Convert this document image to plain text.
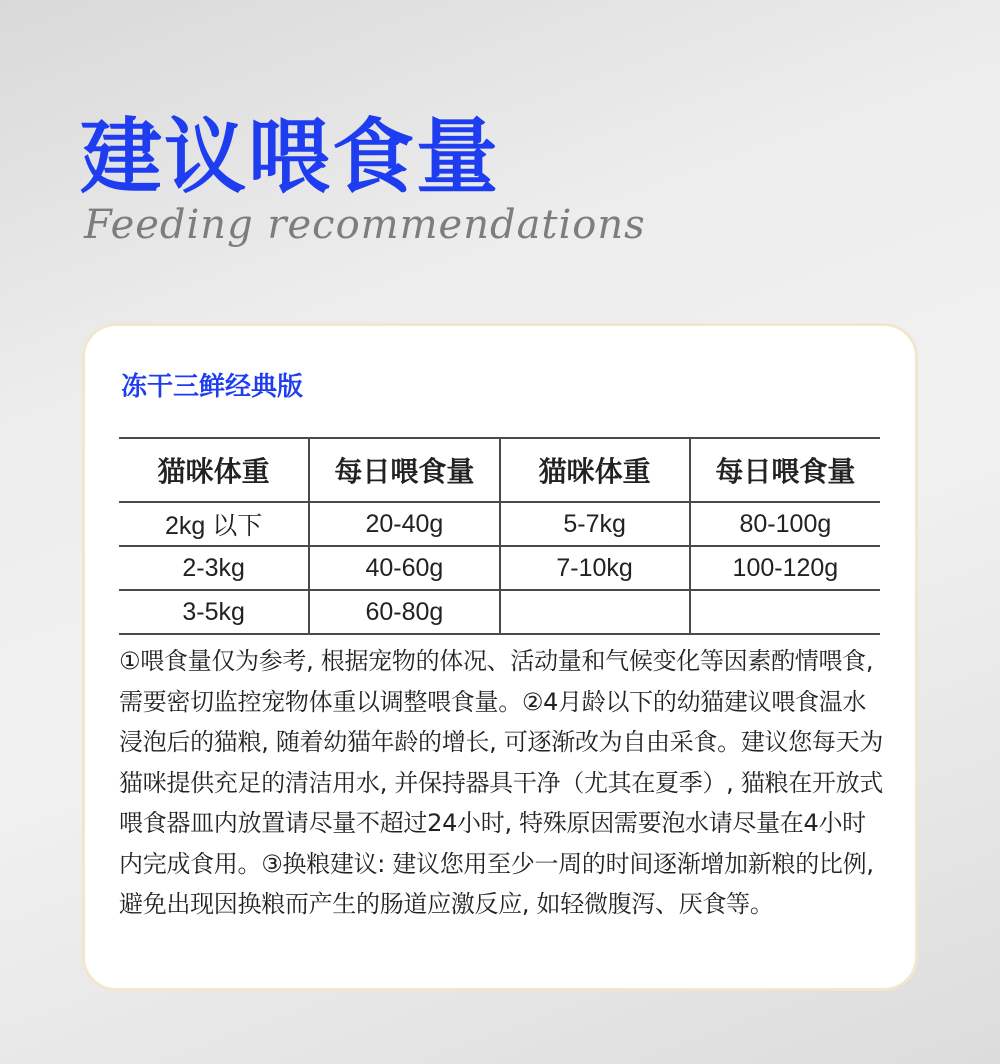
建议喂食量
Feeding recommendations
冻干三鲜经典版
猫咪体重	每日喂食量	猫咪体重	每日喂食量
2kg 以下	20-40g	5-7kg	80-100g
2-3kg	40-60g	7-10kg	100-120g
3-5kg	60-80g		

①喂食量仅为参考, 根据宠物的体况、活动量和气候变化等因素酌情喂食, 需要密切监控宠物体重以调整喂食量。②4月龄以下的幼猫建议喂食温水浸泡后的猫粮, 随着幼猫年龄的增长, 可逐渐改为自由采食。建议您每天为猫咪提供充足的清洁用水, 并保持器具干净（尤其在夏季）, 猫粮在开放式喂食器皿内放置请尽量不超过24小时, 特殊原因需要泡水请尽量在4小时内完成食用。③换粮建议: 建议您用至少一周的时间逐渐增加新粮的比例, 避免出现因换粮而产生的肠道应激反应, 如轻微腹泻、厌食等。
